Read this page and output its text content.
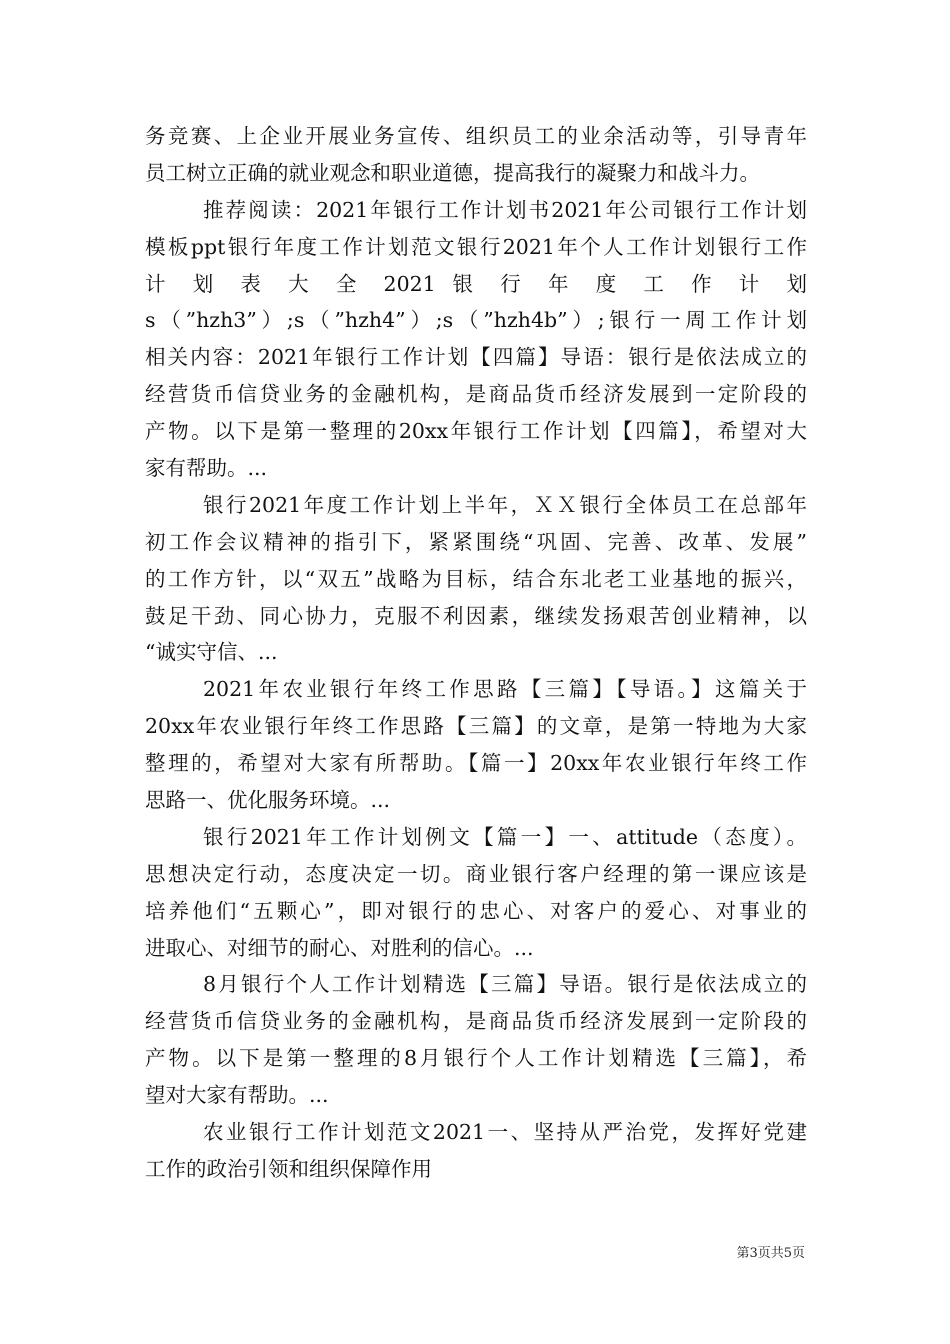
务竞赛、上企业开展业务宣传、组织员工的业余活动等，引导青年
员工树立正确的就业观念和职业道德，提高我行的凝聚力和战斗力。
推荐阅读：2021年银行工作计划书2021年公司银行工作计划
模板ppt银行年度工作计划范文银行2021年个人工作计划银行工作
计 划 表 大 全 2021 银 行 年 度 工 作 计 划
s（”hzh3”）;s（”hzh4”）;s（”hzh4b”）;银行一周工作计划
相关内容：2021年银行工作计划【四篇】导语：银行是依法成立的
经营货币信贷业务的金融机构，是商品货币经济发展到一定阶段的
产物。以下是第一整理的20xx年银行工作计划【四篇】，希望对大
家有帮助。...
银行2021年度工作计划上半年，ＸＸ银行全体员工在总部年
初工作会议精神的指引下，紧紧围绕“巩固、完善、改革、发展”
的工作方针，以“双五”战略为目标，结合东北老工业基地的振兴，
鼓足干劲、同心协力，克服不利因素，继续发扬艰苦创业精神，以
“诚实守信、...
2021年农业银行年终工作思路【三篇】【导语。】这篇关于
20xx年农业银行年终工作思路【三篇】的文章，是第一特地为大家
整理的，希望对大家有所帮助。【篇一】20xx年农业银行年终工作
思路一、优化服务环境。...
银行2021年工作计划例文【篇一】一、attitude（态度）。
思想决定行动，态度决定一切。商业银行客户经理的第一课应该是
培养他们“五颗心”，即对银行的忠心、对客户的爱心、对事业的
进取心、对细节的耐心、对胜利的信心。...
8月银行个人工作计划精选【三篇】导语。银行是依法成立的
经营货币信贷业务的金融机构，是商品货币经济发展到一定阶段的
产物。以下是第一整理的8月银行个人工作计划精选【三篇】，希
望对大家有帮助。...
农业银行工作计划范文2021一、坚持从严治党，发挥好党建
工作的政治引领和组织保障作用
第3页共5页
